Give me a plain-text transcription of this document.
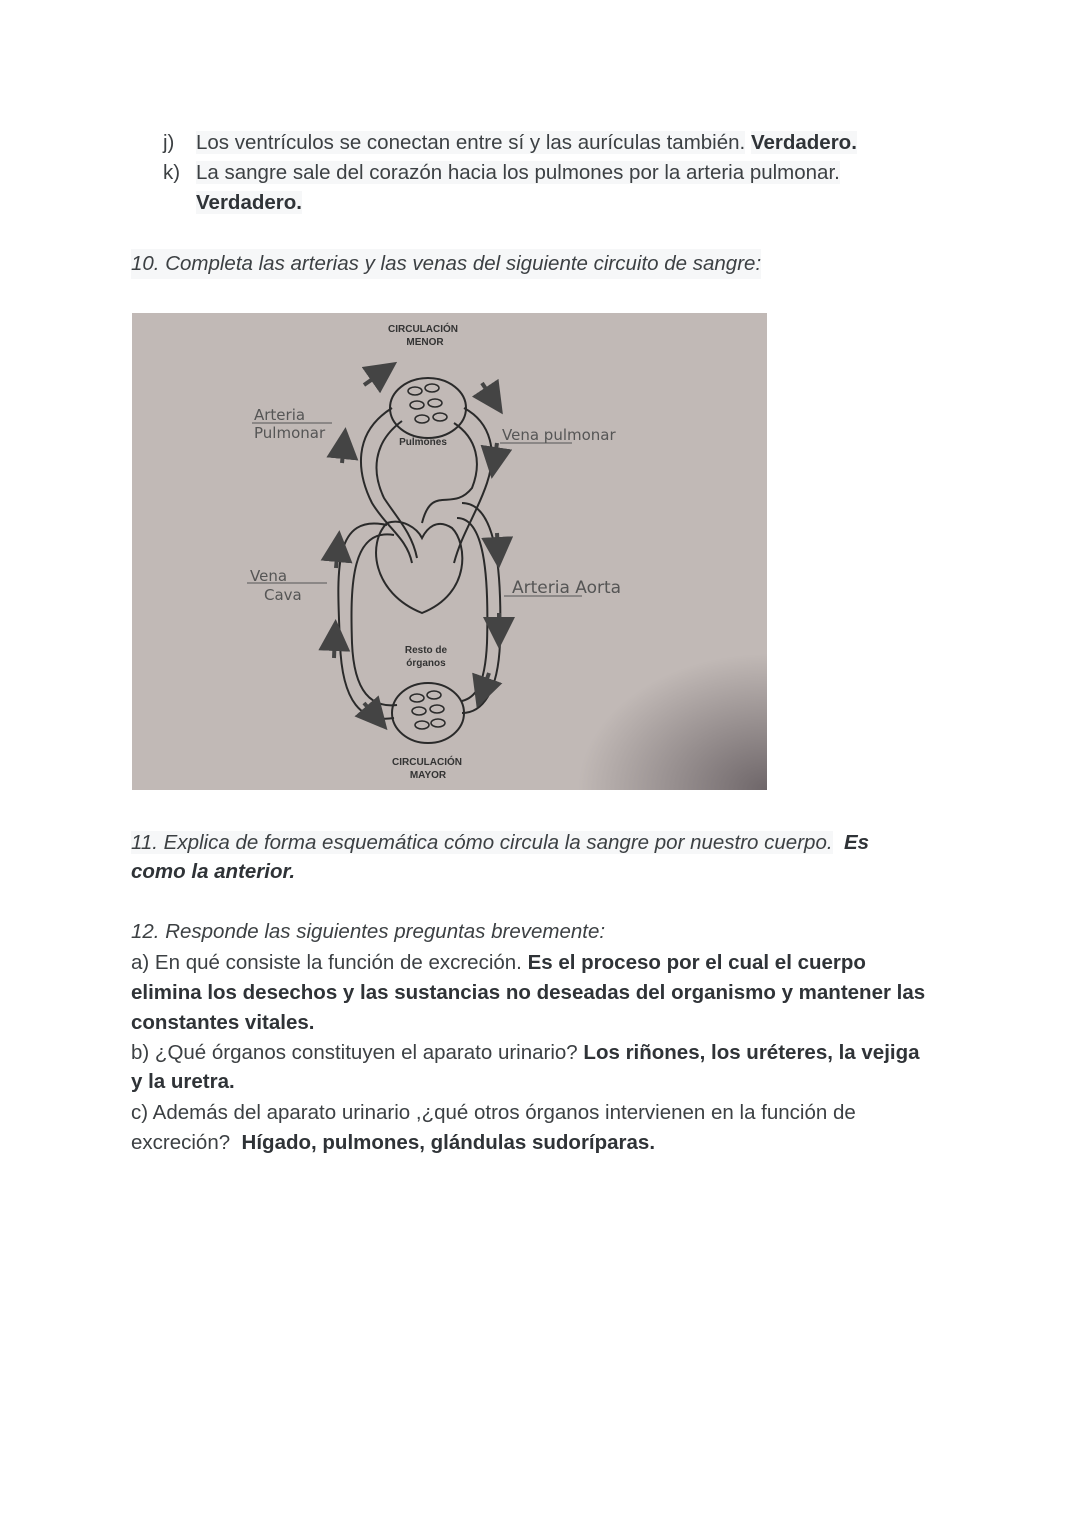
j) Los ventrículos se conectan entre sí y las aurículas también. Verdadero.
k) La sangre sale del corazón hacia los pulmones por la arteria pulmonar.
Verdadero.
10. Completa las arterias y las venas del siguiente circuito de sangre:
CIRCULACIÓN
MENOR
Pulmones
Resto de
órganos
CIRCULACIÓN
MAYOR
Arteria
Pulmonar	Vena pulmonar
Vena
Cava	Arteria Aorta
11. Explica de forma esquemática cómo circula la sangre por nuestro cuerpo. Es
como la anterior.
12. Responde las siguientes preguntas brevemente:
a) En qué consiste la función de excreción. Es el proceso por el cual el cuerpo
elimina los desechos y las sustancias no deseadas del organismo y mantener las
constantes vitales.
b) ¿Qué órganos constituyen el aparato urinario? Los riñones, los uréteres, la vejiga
y la uretra.
c) Además del aparato urinario ,¿qué otros órganos intervienen en la función de
excreción? Hígado, pulmones, glándulas sudoríparas.
